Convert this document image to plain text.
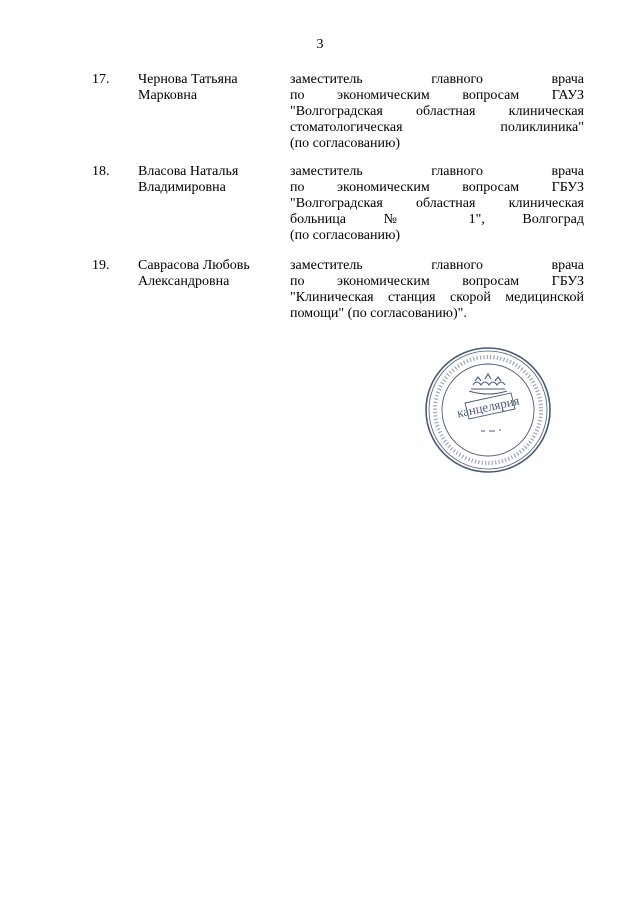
3
17. Чернова Татьяна
Марковна
заместитель главного врача
по экономическим вопросам ГАУЗ
"Волгоградская областная клиническая
стоматологическая поликлиника"
(по согласованию)
18. Власова Наталья
Владимировна
заместитель главного врача
по экономическим вопросам ГБУЗ
"Волгоградская областная клиническая
больница № 1", Волгоград
(по согласованию)
19. Саврасова Любовь
Александровна
заместитель главного врача
по экономическим вопросам ГБУЗ
"Клиническая станция скорой медицинской
помощи" (по согласованию)".
канцелярия
